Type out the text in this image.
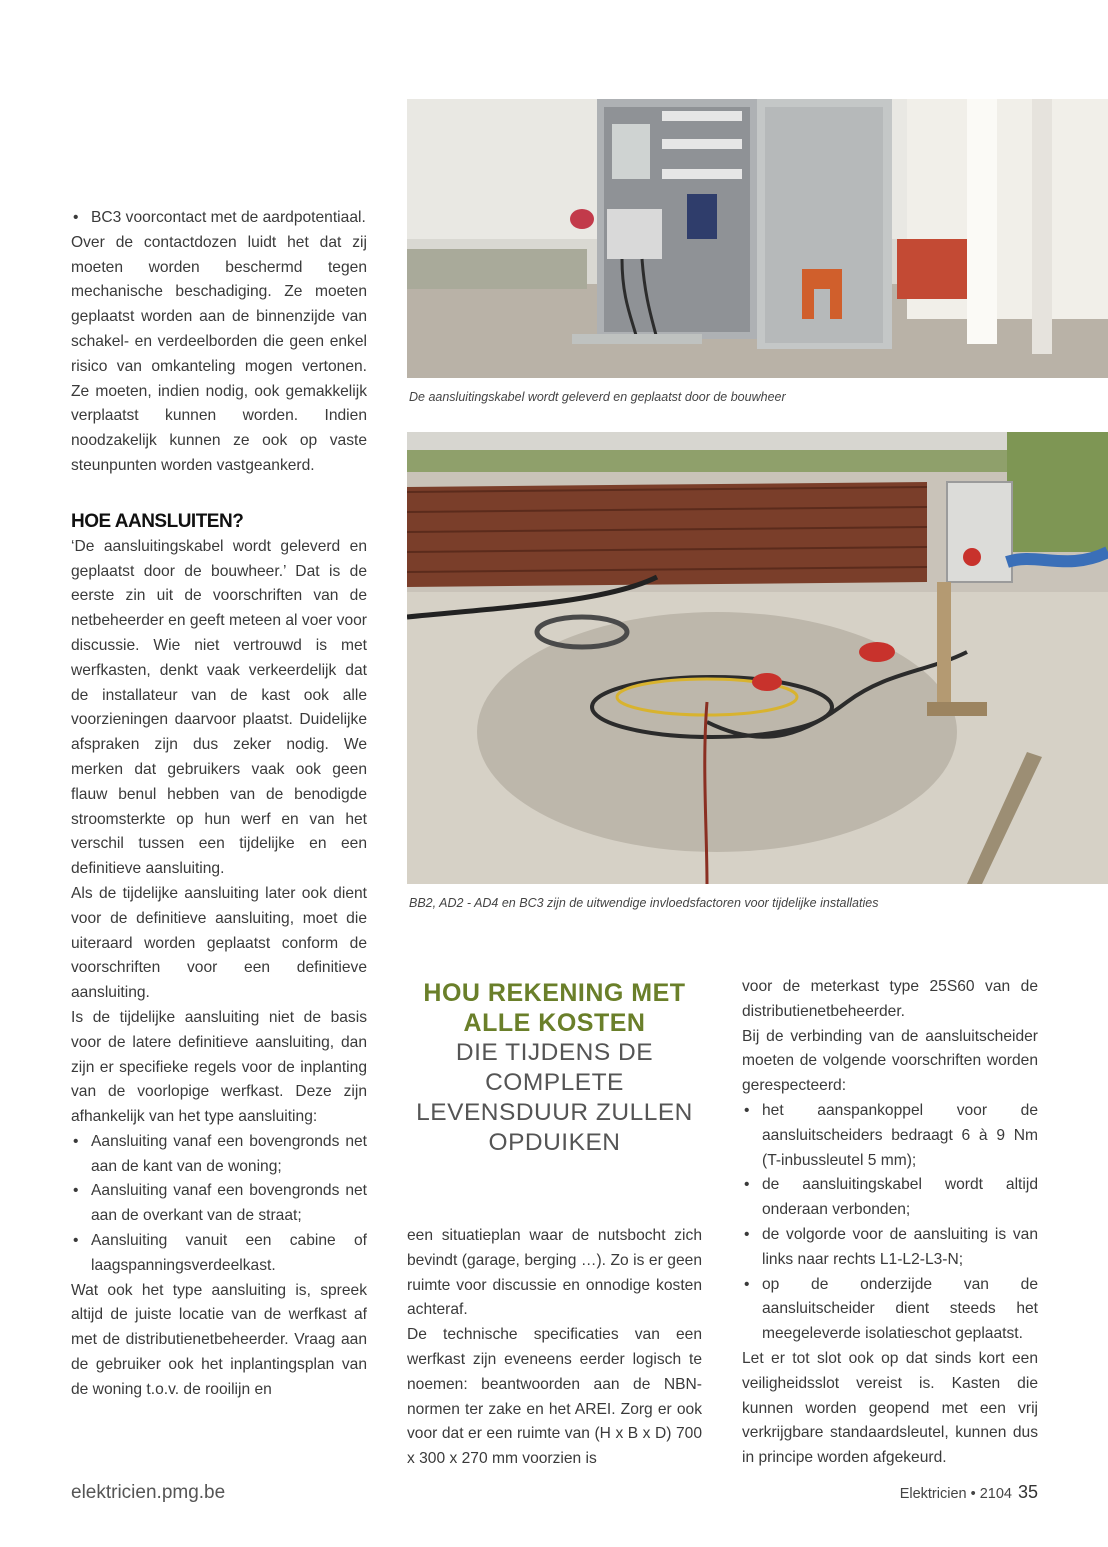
• BC3 voorcontact met de aardpotentiaal.

Over de contactdozen luidt het dat zij moeten worden beschermd tegen mechanische beschadiging. Ze moeten geplaatst worden aan de binnenzijde van schakel- en verdeelborden die geen enkel risico van omkanteling mogen vertonen. Ze moeten, indien nodig, ook gemakkelijk verplaatst kunnen worden. Indien noodzakelijk kunnen ze ook op vaste steunpunten worden vastgeankerd.

HOE AANSLUITEN?

‘De aansluitingskabel wordt geleverd en geplaatst door de bouwheer.’ Dat is de eerste zin uit de voorschriften van de netbeheerder en geeft meteen al voer voor discussie. Wie niet vertrouwd is met werfkasten, denkt vaak verkeerdelijk dat de installateur van de kast ook alle voorzieningen daarvoor plaatst. Duidelijke afspraken zijn dus zeker nodig. We merken dat gebruikers vaak ook geen flauw benul hebben van de benodigde stroomsterkte op hun werf en van het verschil tussen een tijdelijke en een definitieve aansluiting.

Als de tijdelijke aansluiting later ook dient voor de definitieve aansluiting, moet die uiteraard worden geplaatst conform de voorschriften voor een definitieve aansluiting.

Is de tijdelijke aansluiting niet de basis voor de latere definitieve aansluiting, dan zijn er specifieke regels voor de inplanting van de voorlopige werfkast. Deze zijn afhankelijk van het type aansluiting:

• Aansluiting vanaf een bovengronds net aan de kant van de woning;
• Aansluiting vanaf een bovengronds net aan de overkant van de straat;
• Aansluiting vanuit een cabine of laagspanningsverdeelkast.

Wat ook het type aansluiting is, spreek altijd de juiste locatie van de werfkast af met de distributienetbeheerder. Vraag aan de gebruiker ook het inplantingsplan van de woning t.o.v. de rooilijn en

De aansluitingskabel wordt geleverd en geplaatst door de bouwheer
BB2, AD2 - AD4 en BC3 zijn de uitwendige invloedsfactoren voor tijdelijke installaties
HOU REKENING MET
ALLE KOSTEN
DIE TIJDENS DE
COMPLETE
LEVENSDUUR ZULLEN
OPDUIKEN

een situatieplan waar de nutsbocht zich bevindt (garage, berging …). Zo is er geen ruimte voor discussie en onnodige kosten achteraf.

De technische specificaties van een werfkast zijn eveneens eerder logisch te noemen: beantwoorden aan de NBN-normen ter zake en het AREI. Zorg er ook voor dat er een ruimte van (H x B x D) 700 x 300 x 270 mm voorzien is

voor de meterkast type 25S60 van de distributienetbeheerder.

Bij de verbinding van de aansluitscheider moeten de volgende voorschriften worden gerespecteerd:

• het aanspankoppel voor de aansluitscheiders bedraagt 6 à 9 Nm (T-inbussleutel 5 mm);
• de aansluitingskabel wordt altijd onderaan verbonden;
• de volgorde voor de aansluiting is van links naar rechts L1-L2-L3-N;
• op de onderzijde van de aansluitscheider dient steeds het meegeleverde isolatieschot geplaatst.

Let er tot slot ook op dat sinds kort een veiligheidsslot vereist is. Kasten die kunnen worden geopend met een vrij verkrijgbare standaardsleutel, kunnen dus in principe worden afgekeurd.

elektricien.pmg.be	Elektricien • 2104 35
